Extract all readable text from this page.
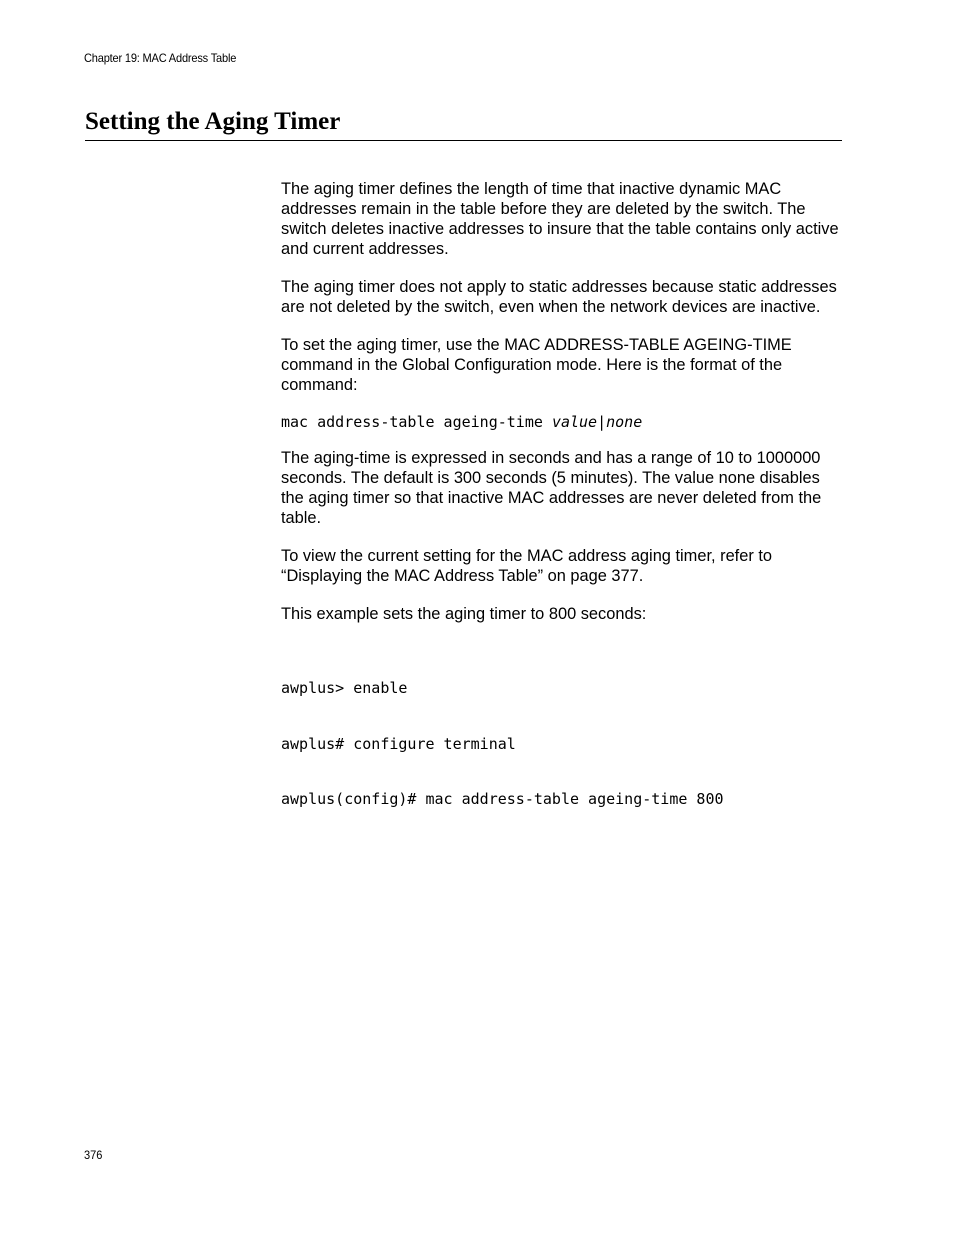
Chapter 19: MAC Address Table
Setting the Aging Timer

The aging timer defines the length of time that inactive dynamic MAC addresses remain in the table before they are deleted by the switch. The switch deletes inactive addresses to insure that the table contains only active and current addresses.

The aging timer does not apply to static addresses because static addresses are not deleted by the switch, even when the network devices are inactive.

To set the aging timer, use the MAC ADDRESS-TABLE AGEING-TIME command in the Global Configuration mode. Here is the format of the command:

mac address-table ageing-time value|none

The aging-time is expressed in seconds and has a range of 10 to 1000000 seconds. The default is 300 seconds (5 minutes). The value none disables the aging timer so that inactive MAC addresses are never deleted from the table.

To view the current setting for the MAC address aging timer, refer to “Displaying the MAC Address Table” on page 377.

This example sets the aging timer to 800 seconds:

awplus> enable

awplus# configure terminal

awplus(config)# mac address-table ageing-time 800

376
